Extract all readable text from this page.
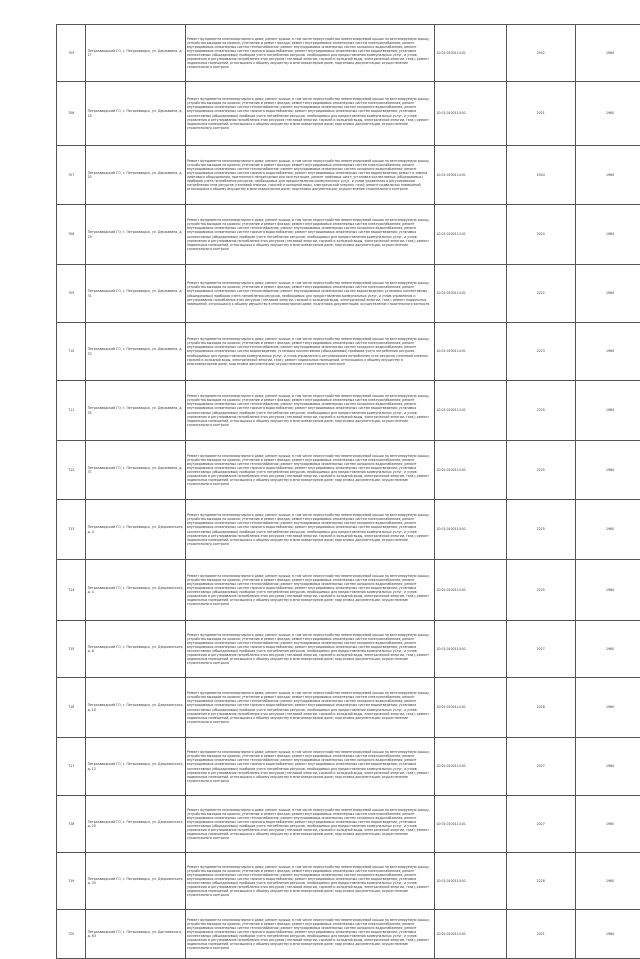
705	Петрозаводский ГО, г. Петрозаводск, ул. Державина, д. 17	Ремонт фундамента многоквартирного дома; ремонт крыши, в том числе переустройство невентилируемой крыши на вентилируемую крышу, устройство выходов на кровлю; утепление и ремонт фасада; ремонт внутридомовых инженерных систем электроснабжения; ремонт внутридомовых инженерных систем теплоснабжения; ремонт внутридомовых инженерных систем холодного водоснабжения; ремонт внутридомовых инженерных систем горячего водоснабжения; ремонт внутридомовых инженерных систем водоотведения; установка коллективных (общедомовых) приборов учета потребления ресурсов, необходимых для предоставления коммунальных услуг, и узлов управления и регулирования потребления этих ресурсов (тепловой энергии, горячей и холодной воды, электрической энергии, газа); ремонт подвальных помещений, относящихся к общему имуществу в многоквартирном доме; подготовка документации; осуществление строительного контроля	10:01:0100114:01	2592	1960
706	Петрозаводский ГО, г. Петрозаводск, ул. Державина, д. 18	Ремонт фундамента многоквартирного дома; ремонт крыши, в том числе переустройство невентилируемой крыши на вентилируемую крышу, устройство выходов на кровлю; утепление и ремонт фасада; ремонт внутридомовых инженерных систем электроснабжения; ремонт внутридомовых инженерных систем теплоснабжения; ремонт внутридомовых инженерных систем холодного водоснабжения; ремонт внутридомовых инженерных систем горячего водоснабжения; ремонт внутридомовых инженерных систем водоотведения; установка коллективных (общедомовых) приборов учета потребления ресурсов, необходимых для предоставления коммунальных услуг, и узлов управления и регулирования потребления этих ресурсов (тепловой энергии, горячей и холодной воды, электрической энергии, газа); ремонт подвальных помещений, относящихся к общему имуществу в многоквартирном доме; подготовка документации; осуществление строительного контроля	10:01:0100114:01	2021	1960
707	Петрозаводский ГО, г. Петрозаводск, ул. Державина, д. 20	Ремонт фундамента многоквартирного дома; ремонт крыши, в том числе переустройство невентилируемой крыши на вентилируемую крышу, устройство выходов на кровлю; утепление и ремонт фасада; ремонт внутридомовых инженерных систем электроснабжения; ремонт внутридомовых инженерных систем теплоснабжения; ремонт внутридомовых инженерных систем холодного водоснабжения; ремонт внутридомовых инженерных систем горячего водоснабжения; ремонт внутридомовых инженерных систем водоотведения; ремонт и замена лифтового оборудования, признанного непригодным для эксплуатации, ремонт лифтовых шахт; установка коллективных (общедомовых) приборов учета потребления ресурсов, необходимых для предоставления коммунальных услуг, и узлов управления и регулирования потребления этих ресурсов (тепловой энергии, горячей и холодной воды, электрической энергии, газа); ремонт подвальных помещений, относящихся к общему имуществу в многоквартирном доме; подготовка документации; осуществление строительного контроля	10:01:0100114:01	2544	1960
708	Петрозаводский ГО, г. Петрозаводск, ул. Державина, д. 29	Ремонт фундамента многоквартирного дома; ремонт крыши, в том числе переустройство невентилируемой крыши на вентилируемую крышу, устройство выходов на кровлю; утепление и ремонт фасада; ремонт внутридомовых инженерных систем электроснабжения; ремонт внутридомовых инженерных систем теплоснабжения; ремонт внутридомовых инженерных систем холодного водоснабжения; ремонт внутридомовых инженерных систем горячего водоснабжения; ремонт внутридомовых инженерных систем водоотведения; установка коллективных (общедомовых) приборов учета потребления ресурсов, необходимых для предоставления коммунальных услуг, и узлов управления и регулирования потребления этих ресурсов (тепловой энергии, горячей и холодной воды, электрической энергии, газа); ремонт подвальных помещений, относящихся к общему имуществу в многоквартирном доме; подготовка документации; осуществление строительного контроля	10:01:0100114:01	2020	1960
709	Петрозаводский ГО, г. Петрозаводск, ул. Державина, д. 31	Ремонт фундамента многоквартирного дома; ремонт крыши, в том числе переустройство невентилируемой крыши на вентилируемую крышу, устройство выходов на кровлю; утепление и ремонт фасада; ремонт внутридомовых инженерных систем электроснабжения; ремонт внутридомовых инженерных систем теплоснабжения; ремонт внутридомовых инженерных систем водоотведения; установка коллективных (общедомовых) приборов учета потребления ресурсов, необходимых для предоставления коммунальных услуг, и узлов управления и регулирования потребления этих ресурсов (тепловой энергии, горячей и холодной воды, электрической энергии, газа); ремонт подвальных помещений, относящихся к общему имуществу в многоквартирном доме; подготовка документации; осуществление строительного контроля	10:01:0100114:01	2222	1960
710	Петрозаводский ГО, г. Петрозаводск, ул. Державина, д. 33	Ремонт фундамента многоквартирного дома; ремонт крыши, в том числе переустройство невентилируемой крыши на вентилируемую крышу, устройство выходов на кровлю; утепление и ремонт фасада; ремонт внутридомовых инженерных систем электроснабжения; ремонт внутридомовых инженерных систем теплоснабжения; ремонт внутридомовых инженерных систем холодного водоснабжения; ремонт внутридомовых инженерных систем водоотведения; установка коллективных (общедомовых) приборов учета потребления ресурсов, необходимых для предоставления коммунальных услуг, и узлов управления и регулирования потребления этих ресурсов (тепловой энергии, горячей и холодной воды, электрической энергии, газа); ремонт подвальных помещений, относящихся к общему имуществу в многоквартирном доме; подготовка документации; осуществление строительного контроля	10:01:0100114:01	2223	1960
711	Петрозаводский ГО, г. Петрозаводск, ул. Державина, д. 35	Ремонт фундамента многоквартирного дома; ремонт крыши, в том числе переустройство невентилируемой крыши на вентилируемую крышу, устройство выходов на кровлю; утепление и ремонт фасада; ремонт внутридомовых инженерных систем электроснабжения; ремонт внутридомовых инженерных систем теплоснабжения; ремонт внутридомовых инженерных систем холодного водоснабжения; ремонт внутридомовых инженерных систем горячего водоснабжения; ремонт внутридомовых инженерных систем водоотведения; установка коллективных (общедомовых) приборов учета потребления ресурсов, необходимых для предоставления коммунальных услуг, и узлов управления и регулирования потребления этих ресурсов (тепловой энергии, горячей и холодной воды, электрической энергии, газа); ремонт подвальных помещений, относящихся к общему имуществу в многоквартирном доме; подготовка документации; осуществление строительного контроля	10:01:0100114:01	2225	1960
712	Петрозаводский ГО, г. Петрозаводск, ул. Державина, д. 37	Ремонт фундамента многоквартирного дома; ремонт крыши, в том числе переустройство невентилируемой крыши на вентилируемую крышу, устройство выходов на кровлю; утепление и ремонт фасада; ремонт внутридомовых инженерных систем электроснабжения; ремонт внутридомовых инженерных систем теплоснабжения; ремонт внутридомовых инженерных систем холодного водоснабжения; ремонт внутридомовых инженерных систем горячего водоснабжения; ремонт внутридомовых инженерных систем водоотведения; установка коллективных (общедомовых) приборов учета потребления ресурсов, необходимых для предоставления коммунальных услуг, и узлов управления и регулирования потребления этих ресурсов (тепловой энергии, горячей и холодной воды, электрической энергии, газа); ремонт подвальных помещений, относящихся к общему имуществу в многоквартирном доме; подготовка документации; осуществление строительного контроля	10:01:0100114:01	2225	1960
713	Петрозаводский ГО, г. Петрозаводск, ул. Дзержинского, д. 4	Ремонт фундамента многоквартирного дома; ремонт крыши, в том числе переустройство невентилируемой крыши на вентилируемую крышу, устройство выходов на кровлю; утепление и ремонт фасада; ремонт внутридомовых инженерных систем электроснабжения; ремонт внутридомовых инженерных систем теплоснабжения; ремонт внутридомовых инженерных систем холодного водоснабжения; ремонт внутридомовых инженерных систем горячего водоснабжения; ремонт внутридомовых инженерных систем водоотведения; установка коллективных (общедомовых) приборов учета потребления ресурсов, необходимых для предоставления коммунальных услуг, и узлов управления и регулирования потребления этих ресурсов (тепловой энергии, горячей и холодной воды, электрической энергии, газа); ремонт подвальных помещений, относящихся к общему имуществу в многоквартирном доме; подготовка документации; осуществление строительного контроля	10:01:0100114:01	2225	1960
714	Петрозаводский ГО, г. Петрозаводск, ул. Дзержинского, д. 4	Ремонт фундамента многоквартирного дома; ремонт крыши, в том числе переустройство невентилируемой крыши на вентилируемую крышу, устройство выходов на кровлю; утепление и ремонт фасада; ремонт внутридомовых инженерных систем электроснабжения; ремонт внутридомовых инженерных систем теплоснабжения; ремонт внутридомовых инженерных систем холодного водоснабжения; ремонт внутридомовых инженерных систем горячего водоснабжения; ремонт внутридомовых инженерных систем водоотведения; установка коллективных (общедомовых) приборов учета потребления ресурсов, необходимых для предоставления коммунальных услуг, и узлов управления и регулирования потребления этих ресурсов (тепловой энергии, горячей и холодной воды, электрической энергии, газа); ремонт подвальных помещений, относящихся к общему имуществу в многоквартирном доме; подготовка документации; осуществление строительного контроля	10:01:0100114:01	2225	1960
715	Петрозаводский ГО, г. Петрозаводск, ул. Дзержинского, д. 8	Ремонт фундамента многоквартирного дома; ремонт крыши, в том числе переустройство невентилируемой крыши на вентилируемую крышу, устройство выходов на кровлю; утепление и ремонт фасада; ремонт внутридомовых инженерных систем электроснабжения; ремонт внутридомовых инженерных систем теплоснабжения; ремонт внутридомовых инженерных систем холодного водоснабжения; ремонт внутридомовых инженерных систем горячего водоснабжения; ремонт внутридомовых инженерных систем водоотведения; установка коллективных (общедомовых) приборов учета потребления ресурсов, необходимых для предоставления коммунальных услуг, и узлов управления и регулирования потребления этих ресурсов (тепловой энергии, горячей и холодной воды, электрической энергии, газа); ремонт подвальных помещений, относящихся к общему имуществу в многоквартирном доме; подготовка документации; осуществление строительного контроля	10:01:0100114:01	2027	1960
716	Петрозаводский ГО, г. Петрозаводск, ул. Дзержинского, д. 10	Ремонт фундамента многоквартирного дома; ремонт крыши, в том числе переустройство невентилируемой крыши на вентилируемую крышу, устройство выходов на кровлю; утепление и ремонт фасада; ремонт внутридомовых инженерных систем электроснабжения; ремонт внутридомовых инженерных систем теплоснабжения; ремонт внутридомовых инженерных систем холодного водоснабжения; ремонт внутридомовых инженерных систем горячего водоснабжения; ремонт внутридомовых инженерных систем водоотведения; установка коллективных (общедомовых) приборов учета потребления ресурсов, необходимых для предоставления коммунальных услуг, и узлов управления и регулирования потребления этих ресурсов (тепловой энергии, горячей и холодной воды, электрической энергии, газа); ремонт подвальных помещений, относящихся к общему имуществу в многоквартирном доме; подготовка документации; осуществление строительного контроля	10:01:0100114:01	2028	1960
717	Петрозаводский ГО, г. Петрозаводск, ул. Дзержинского, д. 12	Ремонт фундамента многоквартирного дома; ремонт крыши, в том числе переустройство невентилируемой крыши на вентилируемую крышу, устройство выходов на кровлю; утепление и ремонт фасада; ремонт внутридомовых инженерных систем электроснабжения; ремонт внутридомовых инженерных систем теплоснабжения; ремонт внутридомовых инженерных систем холодного водоснабжения; ремонт внутридомовых инженерных систем горячего водоснабжения; ремонт внутридомовых инженерных систем водоотведения; установка коллективных (общедомовых) приборов учета потребления ресурсов, необходимых для предоставления коммунальных услуг, и узлов управления и регулирования потребления этих ресурсов (тепловой энергии, горячей и холодной воды, электрической энергии, газа); ремонт подвальных помещений, относящихся к общему имуществу в многоквартирном доме; подготовка документации; осуществление строительного контроля	10:01:0100114:01	2027	1960
718	Петрозаводский ГО, г. Петрозаводск, ул. Дзержинского, д. 20	Ремонт фундамента многоквартирного дома; ремонт крыши, в том числе переустройство невентилируемой крыши на вентилируемую крышу, устройство выходов на кровлю; утепление и ремонт фасада; ремонт внутридомовых инженерных систем электроснабжения; ремонт внутридомовых инженерных систем теплоснабжения; ремонт внутридомовых инженерных систем холодного водоснабжения; ремонт внутридомовых инженерных систем горячего водоснабжения; ремонт внутридомовых инженерных систем водоотведения; установка коллективных (общедомовых) приборов учета потребления ресурсов, необходимых для предоставления коммунальных услуг, и узлов управления и регулирования потребления этих ресурсов (тепловой энергии, горячей и холодной воды, электрической энергии, газа); ремонт подвальных помещений, относящихся к общему имуществу в многоквартирном доме; подготовка документации; осуществление строительного контроля	10:01:0100114:01	2027	1960
719	Петрозаводский ГО, г. Петрозаводск, ул. Дзержинского, д. 30	Ремонт фундамента многоквартирного дома; ремонт крыши, в том числе переустройство невентилируемой крыши на вентилируемую крышу, устройство выходов на кровлю; утепление и ремонт фасада; ремонт внутридомовых инженерных систем электроснабжения; ремонт внутридомовых инженерных систем теплоснабжения; ремонт внутридомовых инженерных систем холодного водоснабжения; ремонт внутридомовых инженерных систем горячего водоснабжения; ремонт внутридомовых инженерных систем водоотведения; установка коллективных (общедомовых) приборов учета потребления ресурсов, необходимых для предоставления коммунальных услуг, и узлов управления и регулирования потребления этих ресурсов (тепловой энергии, горячей и холодной воды, электрической энергии, газа); ремонт подвальных помещений, относящихся к общему имуществу в многоквартирном доме; подготовка документации; осуществление строительного контроля	10:01:0100114:01	2228	1960
720	Петрозаводский ГО, г. Петрозаводск, ул. Достоевского, д. 63	Ремонт фундамента многоквартирного дома; ремонт крыши, в том числе переустройство невентилируемой крыши на вентилируемую крышу, устройство выходов на кровлю; утепление и ремонт фасада; ремонт внутридомовых инженерных систем электроснабжения; ремонт внутридомовых инженерных систем теплоснабжения; ремонт внутридомовых инженерных систем холодного водоснабжения; ремонт внутридомовых инженерных систем горячего водоснабжения; ремонт внутридомовых инженерных систем водоотведения; установка коллективных (общедомовых) приборов учета потребления ресурсов, необходимых для предоставления коммунальных услуг, и узлов управления и регулирования потребления этих ресурсов (тепловой энергии, горячей и холодной воды, электрической энергии, газа); ремонт подвальных помещений, относящихся к общему имуществу в многоквартирном доме; подготовка документации; осуществление строительного контроля	10:01:0100114:01	2021	1960
